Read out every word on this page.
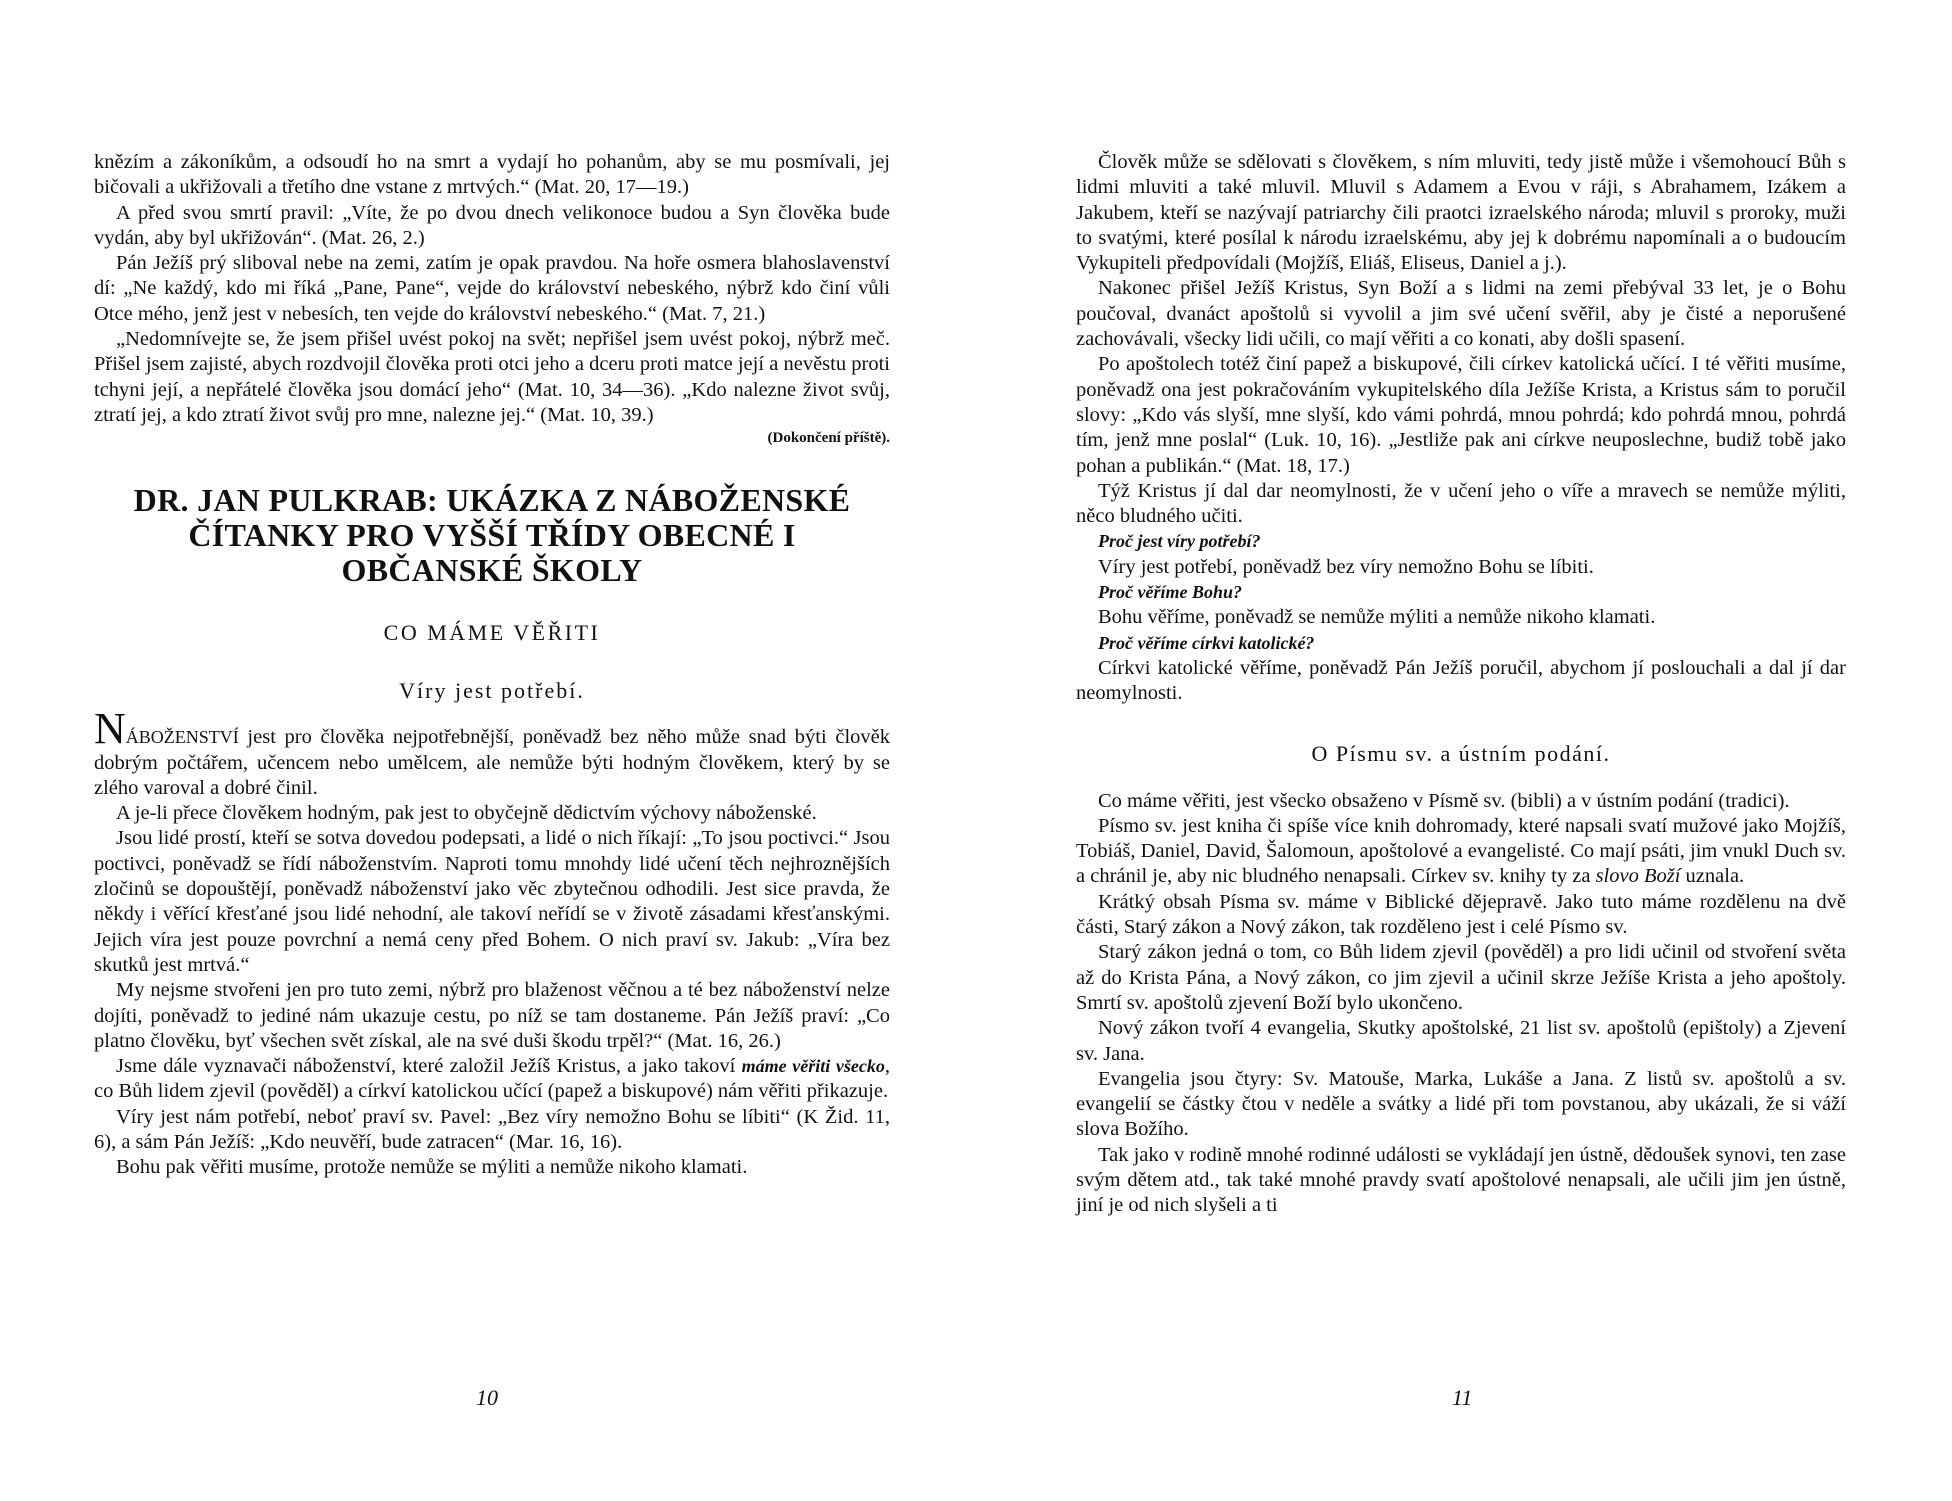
knězím a zákoníkům, a odsoudí ho na smrt a vydají ho pohanům, aby se mu posmívali, jej bičovali a ukřižovali a třetího dne vstane z mrtvých.“ (Mat. 20, 17—19.)

A před svou smrtí pravil: „Víte, že po dvou dnech velikonoce budou a Syn člověka bude vydán, aby byl ukřižován“. (Mat. 26, 2.)

Pán Ježíš prý sliboval nebe na zemi, zatím je opak pravdou. Na hoře osmera blahoslavenství dí: „Ne každý, kdo mi říká „Pane, Pane“, vejde do království nebeského, nýbrž kdo činí vůli Otce mého, jenž jest v nebesích, ten vejde do království nebeského.“ (Mat. 7, 21.)

„Nedomnívejte se, že jsem přišel uvést pokoj na svět; nepřišel jsem uvést pokoj, nýbrž meč. Přišel jsem zajisté, abych rozdvojil člověka proti otci jeho a dceru proti matce její a nevěstu proti tchyni její, a nepřátelé člověka jsou domácí jeho“ (Mat. 10, 34—36). „Kdo nalezne život svůj, ztratí jej, a kdo ztratí život svůj pro mne, nalezne jej.“ (Mat. 10, 39.)

(Dokončení příště).
DR. JAN PULKRAB: UKÁZKA Z NÁBOŽENSKÉ ČÍTANKY PRO VYŠŠÍ TŘÍDY OBECNÉ I OBČANSKÉ ŠKOLY
CO MÁME VĚŘITI
Víry jest potřebí.

NÁBOŽENSTVÍ jest pro člověka nejpotřebnější, poněvadž bez něho může snad býti člověk dobrým počtářem, učencem nebo umělcem, ale nemůže býti hodným člověkem, který by se zlého varoval a dobré činil.

A je-li přece člověkem hodným, pak jest to obyčejně dědictvím výchovy náboženské.

Jsou lidé prostí, kteří se sotva dovedou podepsati, a lidé o nich říkají: „To jsou poctivci.“ Jsou poctivci, poněvadž se řídí náboženstvím. Naproti tomu mnohdy lidé učení těch nejhroznějších zločinů se dopouštějí, poněvadž náboženství jako věc zbytečnou odhodili. Jest sice pravda, že někdy i věřící křesťané jsou lidé nehodní, ale takoví neřídí se v životě zásadami křesťanskými. Jejich víra jest pouze povrchní a nemá ceny před Bohem. O nich praví sv. Jakub: „Víra bez skutků jest mrtvá.“

My nejsme stvořeni jen pro tuto zemi, nýbrž pro blaženost věčnou a té bez náboženství nelze dojíti, poněvadž to jediné nám ukazuje cestu, po níž se tam dostaneme. Pán Ježíš praví: „Co platno člověku, byť všechen svět získal, ale na své duši škodu trpěl?“ (Mat. 16, 26.)

Jsme dále vyznavači náboženství, které založil Ježíš Kristus, a jako takoví máme věřiti všecko, co Bůh lidem zjevil (pověděl) a církví katolickou učící (papež a biskupové) nám věřiti přikazuje.

Víry jest nám potřebí, neboť praví sv. Pavel: „Bez víry nemožno Bohu se líbiti“ (K Žid. 11, 6), a sám Pán Ježíš: „Kdo neuvěří, bude zatracen“ (Mar. 16, 16).

Bohu pak věřiti musíme, protože nemůže se mýliti a nemůže nikoho klamati.

10

Člověk může se sdělovati s člověkem, s ním mluviti, tedy jistě může i všemohoucí Bůh s lidmi mluviti a také mluvil. Mluvil s Adamem a Evou v ráji, s Abrahamem, Izákem a Jakubem, kteří se nazývají patriarchy čili praotci izraelského národa; mluvil s proroky, muži to svatými, které posílal k národu izraelskému, aby jej k dobrému napomínali a o budoucím Vykupiteli předpovídali (Mojžíš, Eliáš, Eliseus, Daniel a j.).

Nakonec přišel Ježíš Kristus, Syn Boží a s lidmi na zemi přebýval 33 let, je o Bohu poučoval, dvanáct apoštolů si vyvolil a jim své učení svěřil, aby je čisté a neporušené zachovávali, všecky lidi učili, co mají věřiti a co konati, aby došli spasení.

Po apoštolech totéž činí papež a biskupové, čili církev katolická učící. I té věřiti musíme, poněvadž ona jest pokračováním vykupitelského díla Ježíše Krista, a Kristus sám to poručil slovy: „Kdo vás slyší, mne slyší, kdo vámi pohrdá, mnou pohrdá; kdo pohrdá mnou, pohrdá tím, jenž mne poslal“ (Luk. 10, 16). „Jestliže pak ani církve neuposlechne, budiž tobě jako pohan a publikán.“ (Mat. 18, 17.)

Týž Kristus jí dal dar neomylnosti, že v učení jeho o víře a mravech se nemůže mýliti, něco bludného učiti.

Proč jest víry potřebí?

Víry jest potřebí, poněvadž bez víry nemožno Bohu se líbiti.

Proč věříme Bohu?

Bohu věříme, poněvadž se nemůže mýliti a nemůže nikoho klamati.

Proč věříme církvi katolické?

Církvi katolické věříme, poněvadž Pán Ježíš poručil, abychom jí poslouchali a dal jí dar neomylnosti.

O Písmu sv. a ústním podání.

Co máme věřiti, jest všecko obsaženo v Písmě sv. (bibli) a v ústním podání (tradici).

Písmo sv. jest kniha či spíše více knih dohromady, které napsali svatí mužové jako Mojžíš, Tobiáš, Daniel, David, Šalomoun, apoštolové a evangelisté. Co mají psáti, jim vnukl Duch sv. a chránil je, aby nic bludného nenapsali. Církev sv. knihy ty za slovo Boží uznala.

Krátký obsah Písma sv. máme v Biblické dějepravě. Jako tuto máme rozdělenu na dvě části, Starý zákon a Nový zákon, tak rozděleno jest i celé Písmo sv.

Starý zákon jedná o tom, co Bůh lidem zjevil (pověděl) a pro lidi učinil od stvoření světa až do Krista Pána, a Nový zákon, co jim zjevil a učinil skrze Ježíše Krista a jeho apoštoly. Smrtí sv. apoštolů zjevení Boží bylo ukončeno.

Nový zákon tvoří 4 evangelia, Skutky apoštolské, 21 list sv. apoštolů (epištoly) a Zjevení sv. Jana.

Evangelia jsou čtyry: Sv. Matouše, Marka, Lukáše a Jana. Z listů sv. apoštolů a sv. evangelií se částky čtou v neděle a svátky a lidé při tom povstanou, aby ukázali, že si váží slova Božího.

Tak jako v rodině mnohé rodinné události se vykládají jen ústně, dědoušek synovi, ten zase svým dětem atd., tak také mnohé pravdy svatí apoštolové nenapsali, ale učili jim jen ústně, jiní je od nich slyšeli a ti

11
